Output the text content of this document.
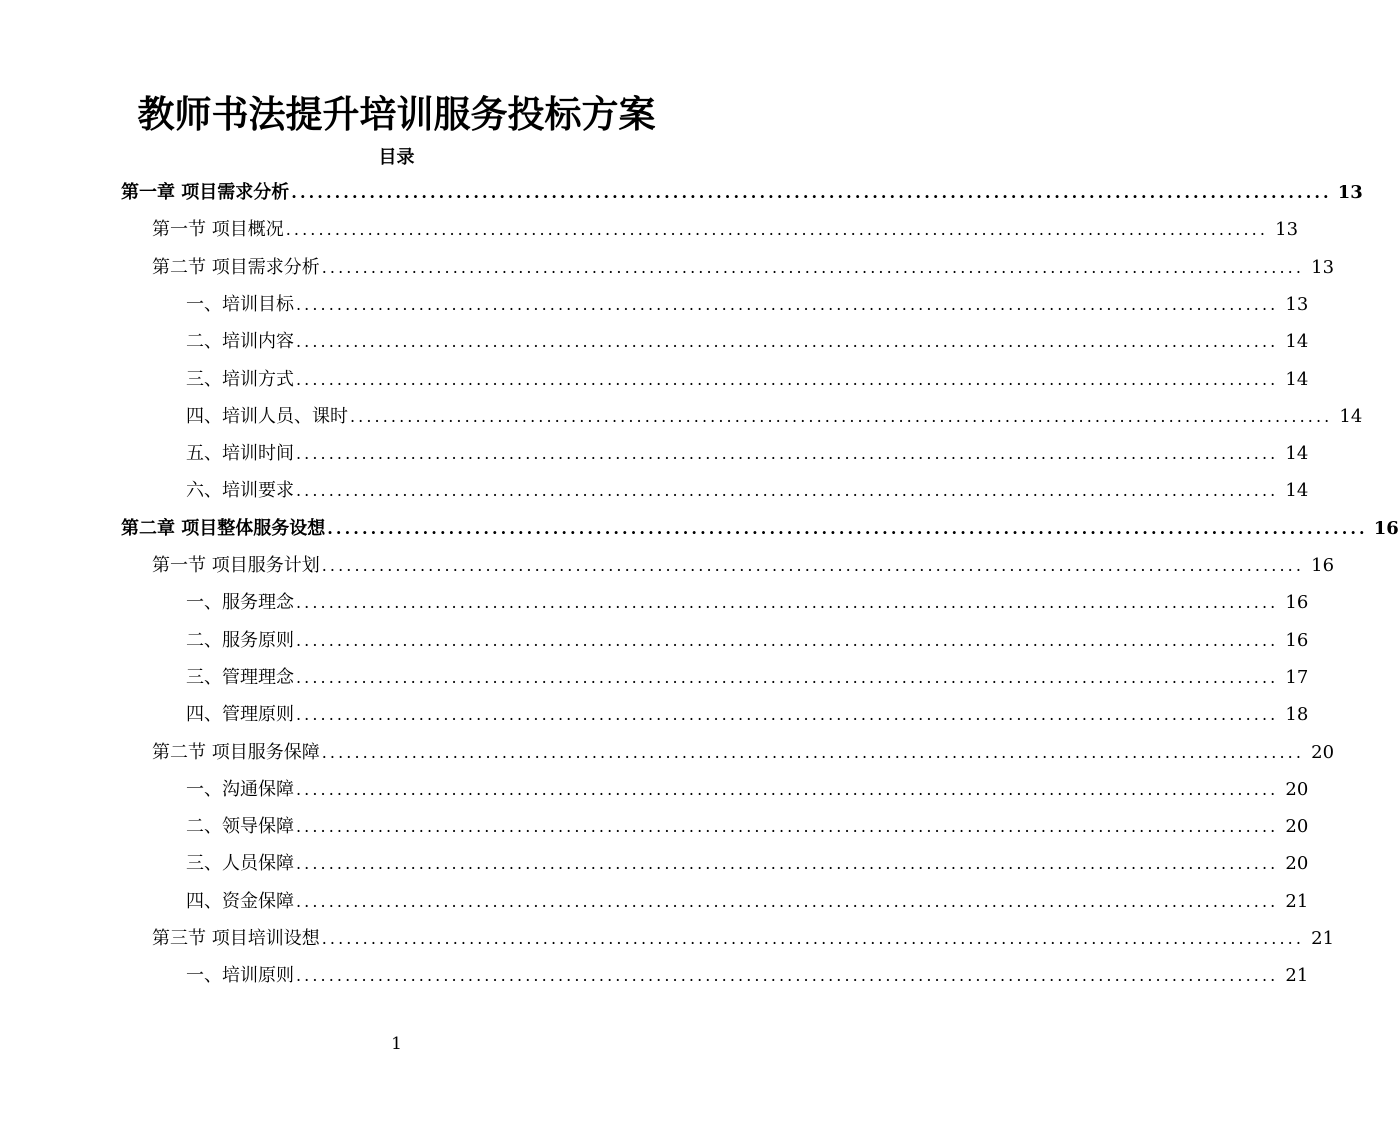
教师书法提升培训服务投标方案
目录
第一章 项目需求分析 ........................................................................................................................ 13
第一节 项目概况 ........................................................................................................................ 13
第二节 项目需求分析 ........................................................................................................................ 13
一、培训目标 ........................................................................................................................ 13
二、培训内容 ........................................................................................................................ 14
三、培训方式 ........................................................................................................................ 14
四、培训人员、课时 ........................................................................................................................ 14
五、培训时间 ........................................................................................................................ 14
六、培训要求 ........................................................................................................................ 14
第二章 项目整体服务设想 ........................................................................................................................ 16
第一节 项目服务计划 ........................................................................................................................ 16
一、服务理念 ........................................................................................................................ 16
二、服务原则 ........................................................................................................................ 16
三、管理理念 ........................................................................................................................ 17
四、管理原则 ........................................................................................................................ 18
第二节 项目服务保障 ........................................................................................................................ 20
一、沟通保障 ........................................................................................................................ 20
二、领导保障 ........................................................................................................................ 20
三、人员保障 ........................................................................................................................ 20
四、资金保障 ........................................................................................................................ 21
第三节 项目培训设想 ........................................................................................................................ 21
一、培训原则 ........................................................................................................................ 21
1
